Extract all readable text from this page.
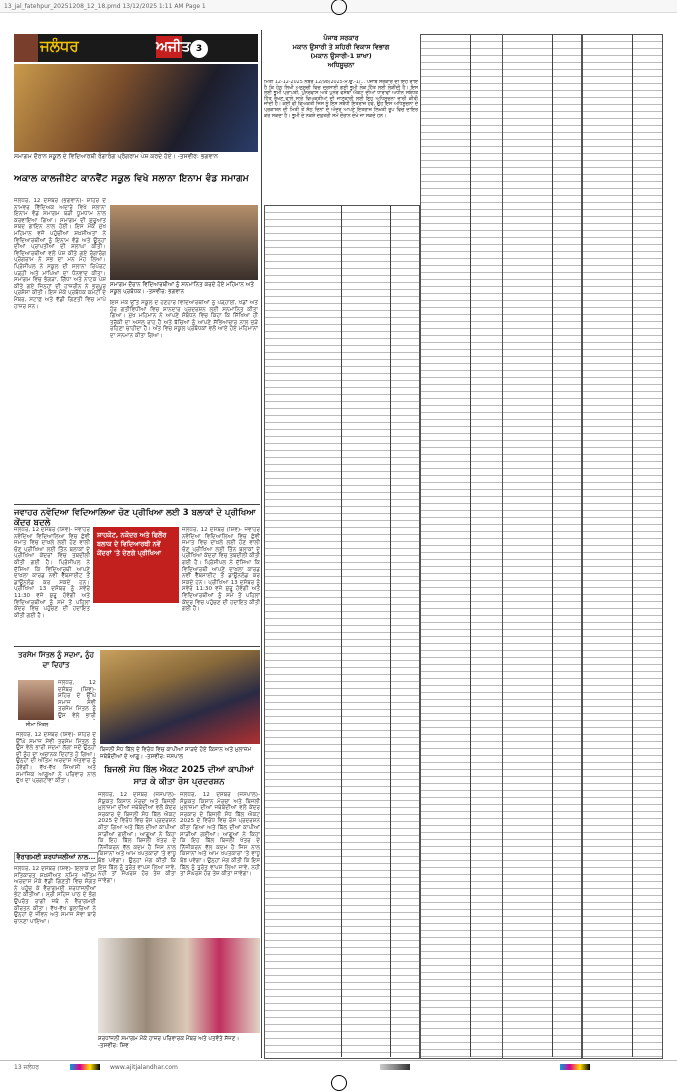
13_jal_fatehpur_20251208_12_18.pmd 13/12/2025 1:11 AM Page 1
ਜਲੰਧਰ	ਅਜੀਤ 3
ਸਮਾਗਮ ਦੌਰਾਨ ਸਕੂਲ ਦੇ ਵਿਦਿਆਰਥੀ ਰੰਗਾਰੰਗ ਪ੍ਰੋਗਰਾਮ ਪੇਸ਼ ਕਰਦੇ ਹੋਏ। -ਤਸਵੀਰ: ਭਗਵਾਨ
ਅਕਾਲ ਕਾਲਜੀਏਟ ਕਾਨਵੈਂਟ ਸਕੂਲ ਵਿਖੇ ਸਲਾਨਾ ਇਨਾਮ ਵੰਡ ਸਮਾਗਮ
ਜਲੰਧਰ, 12 ਦਸੰਬਰ (ਭਗਵਾਨ)- ਸ਼ਹਿਰ ਦੇ ਨਾਮਵਰ ਵਿੱਦਿਅਕ ਅਦਾਰੇ ਵਿਖੇ ਸਲਾਨਾ ਇਨਾਮ ਵੰਡ ਸਮਾਗਮ ਬੜੀ ਧੂਮਧਾਮ ਨਾਲ ਕਰਵਾਇਆ ਗਿਆ। ਸਮਾਗਮ ਦੀ ਸ਼ੁਰੂਆਤ ਸ਼ਬਦ ਗਾਇਨ ਨਾਲ ਹੋਈ। ਇਸ ਮੌਕੇ ਮੁੱਖ ਮਹਿਮਾਨ ਵਜੋਂ ਪਹੁੰਚੀਆਂ ਸ਼ਖ਼ਸੀਅਤਾਂ ਨੇ ਵਿਦਿਆਰਥੀਆਂ ਨੂੰ ਇਨਾਮ ਵੰਡੇ ਅਤੇ ਉਨ੍ਹਾਂ ਦੀਆਂ ਪ੍ਰਾਪਤੀਆਂ ਦੀ ਸ਼ਲਾਘਾ ਕੀਤੀ। ਵਿਦਿਆਰਥੀਆਂ ਵਲੋਂ ਪੇਸ਼ ਕੀਤੇ ਗਏ ਰੰਗਾਰੰਗ ਪ੍ਰੋਗਰਾਮ ਨੇ ਸਭ ਦਾ ਮਨ ਮੋਹ ਲਿਆ। ਪ੍ਰਿੰਸੀਪਲ ਨੇ ਸਕੂਲ ਦੀ ਸਲਾਨਾ ਰਿਪੋਰਟ ਪੜ੍ਹੀ ਅਤੇ ਮਾਪਿਆਂ ਦਾ ਧੰਨਵਾਦ ਕੀਤਾ। ਸਮਾਗਮ ਵਿਚ ਭੰਗੜਾ, ਗਿੱਧਾ ਅਤੇ ਨਾਟਕ ਪੇਸ਼ ਕੀਤੇ ਗਏ ਜਿਨ੍ਹਾਂ ਦੀ ਹਾਜ਼ਰੀਨ ਨੇ ਭਰਪੂਰ ਪ੍ਰਸ਼ੰਸਾ ਕੀਤੀ। ਇਸ ਮੌਕੇ ਪ੍ਰਬੰਧਕ ਕਮੇਟੀ ਦੇ ਮੈਂਬਰ, ਸਟਾਫ਼ ਅਤੇ ਵੱਡੀ ਗਿਣਤੀ ਵਿਚ ਮਾਪੇ ਹਾਜ਼ਰ ਸਨ।
ਸਮਾਗਮ ਦੌਰਾਨ ਵਿਦਿਆਰਥੀਆਂ ਨੂੰ ਸਨਮਾਨਿਤ ਕਰਦੇ ਹੋਏ ਮਹਿਮਾਨ ਅਤੇ ਸਕੂਲ ਪ੍ਰਬੰਧਕ। -ਤਸਵੀਰ: ਭਗਵਾਨ
ਇਸ ਮੌਕੇ ਉੱਤੇ ਸਕੂਲ ਦੇ ਹੋਣਹਾਰ ਵਿਦਿਆਰਥੀਆਂ ਨੂੰ ਪੜ੍ਹਾਈ, ਖੇਡਾਂ ਅਤੇ ਹੋਰ ਗਤੀਵਿਧੀਆਂ ਵਿਚ ਸ਼ਾਨਦਾਰ ਪ੍ਰਦਰਸ਼ਨ ਲਈ ਸਨਮਾਨਿਤ ਕੀਤਾ ਗਿਆ। ਮੁੱਖ ਮਹਿਮਾਨ ਨੇ ਆਪਣੇ ਸੰਬੋਧਨ ਵਿਚ ਕਿਹਾ ਕਿ ਸਿੱਖਿਆ ਹੀ ਤਰੱਕੀ ਦਾ ਅਸਲ ਰਾਹ ਹੈ ਅਤੇ ਬੱਚਿਆਂ ਨੂੰ ਆਪਣੇ ਸੱਭਿਆਚਾਰ ਨਾਲ ਜੁੜੇ ਰਹਿਣਾ ਚਾਹੀਦਾ ਹੈ। ਅੰਤ ਵਿਚ ਸਕੂਲ ਪ੍ਰਬੰਧਕਾਂ ਵਲੋਂ ਆਏ ਹੋਏ ਮਹਿਮਾਨਾਂ ਦਾ ਸਨਮਾਨ ਕੀਤਾ ਗਿਆ।
ਜਵਾਹਰ ਨਵੋਦਿਆ ਵਿਦਿਆਲਿਆ ਚੋਣ ਪ੍ਰੀਖਿਆ ਲਈ 3 ਬਲਾਕਾਂ ਦੇ ਪ੍ਰੀਖਿਆ ਕੇਂਦਰ ਬਦਲੇ
ਜਲੰਧਰ, 12 ਦਸੰਬਰ (ਸ਼ਿਵ)- ਜਵਾਹਰ ਨਵੋਦਿਆ ਵਿਦਿਆਲਿਆ ਵਿਚ ਛੇਵੀਂ ਜਮਾਤ ਵਿਚ ਦਾਖ਼ਲੇ ਲਈ ਹੋਣ ਵਾਲੀ ਚੋਣ ਪ੍ਰੀਖਿਆ ਲਈ ਤਿੰਨ ਬਲਾਕਾਂ ਦੇ ਪ੍ਰੀਖਿਆ ਕੇਂਦਰਾਂ ਵਿਚ ਤਬਦੀਲੀ ਕੀਤੀ ਗਈ ਹੈ। ਪ੍ਰਿੰਸੀਪਲ ਨੇ ਦੱਸਿਆ ਕਿ ਵਿਦਿਆਰਥੀ ਆਪਣੇ ਦਾਖ਼ਲਾ ਕਾਰਡ ਨਵੀਂ ਵੈੱਬਸਾਈਟ ਤੋਂ ਡਾਊਨਲੋਡ ਕਰ ਸਕਦੇ ਹਨ। ਪ੍ਰੀਖਿਆ 13 ਦਸੰਬਰ ਨੂੰ ਸਵੇਰੇ 11:30 ਵਜੇ ਸ਼ੁਰੂ ਹੋਵੇਗੀ ਅਤੇ ਵਿਦਿਆਰਥੀਆਂ ਨੂੰ ਸਮੇਂ ਤੋਂ ਪਹਿਲਾਂ ਕੇਂਦਰ ਵਿਚ ਪਹੁੰਚਣ ਦੀ ਹਦਾਇਤ ਕੀਤੀ ਗਈ ਹੈ।
ਸ਼ਾਹਕੋਟ, ਨਕੋਦਰ ਅਤੇ ਫਿਲੌਰ ਬਲਾਕ ਦੇ ਵਿਦਿਆਰਥੀ ਨਵੇਂ ਕੇਂਦਰਾਂ 'ਤੇ ਦੇਣਗੇ ਪ੍ਰੀਖਿਆ
ਜਲੰਧਰ, 12 ਦਸੰਬਰ (ਸ਼ਿਵ)- ਜਵਾਹਰ ਨਵੋਦਿਆ ਵਿਦਿਆਲਿਆ ਵਿਚ ਛੇਵੀਂ ਜਮਾਤ ਵਿਚ ਦਾਖ਼ਲੇ ਲਈ ਹੋਣ ਵਾਲੀ ਚੋਣ ਪ੍ਰੀਖਿਆ ਲਈ ਤਿੰਨ ਬਲਾਕਾਂ ਦੇ ਪ੍ਰੀਖਿਆ ਕੇਂਦਰਾਂ ਵਿਚ ਤਬਦੀਲੀ ਕੀਤੀ ਗਈ ਹੈ। ਪ੍ਰਿੰਸੀਪਲ ਨੇ ਦੱਸਿਆ ਕਿ ਵਿਦਿਆਰਥੀ ਆਪਣੇ ਦਾਖ਼ਲਾ ਕਾਰਡ ਨਵੀਂ ਵੈੱਬਸਾਈਟ ਤੋਂ ਡਾਊਨਲੋਡ ਕਰ ਸਕਦੇ ਹਨ। ਪ੍ਰੀਖਿਆ 13 ਦਸੰਬਰ ਨੂੰ ਸਵੇਰੇ 11:30 ਵਜੇ ਸ਼ੁਰੂ ਹੋਵੇਗੀ ਅਤੇ ਵਿਦਿਆਰਥੀਆਂ ਨੂੰ ਸਮੇਂ ਤੋਂ ਪਹਿਲਾਂ ਕੇਂਦਰ ਵਿਚ ਪਹੁੰਚਣ ਦੀ ਹਦਾਇਤ ਕੀਤੀ ਗਈ ਹੈ।
ਤਰਸੇਮ ਮਿੱਤਲ ਨੂੰ ਸਦਮਾ, ਨੂੰਹ ਦਾ ਦਿਹਾਂਤ
ਸੀਮਾ ਮਿੱਤਲ
ਜਲੰਧਰ, 12 ਦਸੰਬਰ (ਸ਼ਿਵ)- ਸ਼ਹਿਰ ਦੇ ਉੱਘੇ ਸਮਾਜ ਸੇਵੀ ਤਰਸੇਮ ਮਿੱਤਲ ਨੂੰ ਉਸ ਵੇਲੇ ਭਾਰੀ
ਜਲੰਧਰ, 12 ਦਸੰਬਰ (ਸ਼ਿਵ)- ਸ਼ਹਿਰ ਦੇ ਉੱਘੇ ਸਮਾਜ ਸੇਵੀ ਤਰਸੇਮ ਮਿੱਤਲ ਨੂੰ ਉਸ ਵੇਲੇ ਭਾਰੀ ਸਦਮਾ ਲੱਗਾ ਜਦੋਂ ਉਨ੍ਹਾਂ ਦੀ ਨੂੰਹ ਦਾ ਅਚਾਨਕ ਦਿਹਾਂਤ ਹੋ ਗਿਆ। ਉਨ੍ਹਾਂ ਦੀ ਅੰਤਿਮ ਅਰਦਾਸ ਐਤਵਾਰ ਨੂੰ ਹੋਵੇਗੀ। ਵੱਖ-ਵੱਖ ਸਿਆਸੀ ਅਤੇ ਸਮਾਜਿਕ ਆਗੂਆਂ ਨੇ ਪਰਿਵਾਰ ਨਾਲ ਦੁੱਖ ਦਾ ਪ੍ਰਗਟਾਵਾ ਕੀਤਾ।
ਬਿਜਲੀ ਸੋਧ ਬਿੱਲ ਦੇ ਵਿਰੋਧ ਵਿਚ ਕਾਪੀਆਂ ਸਾੜਦੇ ਹੋਏ ਕਿਸਾਨ ਅਤੇ ਮੁਲਾਜ਼ਮ ਜਥੇਬੰਦੀਆਂ ਦੇ ਆਗੂ। -ਤਸਵੀਰ: ਜਸਪਾਲ
ਬਿਜਲੀ ਸੋਧ ਬਿੱਲ ਐਕਟ 2025 ਦੀਆਂ ਕਾਪੀਆਂ ਸਾੜ ਕੇ ਕੀਤਾ ਰੋਸ ਪ੍ਰਦਰਸ਼ਨ
ਜਲੰਧਰ, 12 ਦਸੰਬਰ (ਜਸਪਾਲ)- ਸੰਯੁਕਤ ਕਿਸਾਨ ਮੋਰਚਾ ਅਤੇ ਬਿਜਲੀ ਮੁਲਾਜ਼ਮਾਂ ਦੀਆਂ ਜਥੇਬੰਦੀਆਂ ਵਲੋਂ ਕੇਂਦਰ ਸਰਕਾਰ ਦੇ ਬਿਜਲੀ ਸੋਧ ਬਿੱਲ ਐਕਟ 2025 ਦੇ ਵਿਰੋਧ ਵਿਚ ਰੋਸ ਪ੍ਰਦਰਸ਼ਨ ਕੀਤਾ ਗਿਆ ਅਤੇ ਬਿੱਲ ਦੀਆਂ ਕਾਪੀਆਂ ਸਾੜੀਆਂ ਗਈਆਂ। ਆਗੂਆਂ ਨੇ ਕਿਹਾ ਕਿ ਇਹ ਬਿੱਲ ਬਿਜਲੀ ਖੇਤਰ ਦੇ ਨਿੱਜੀਕਰਨ ਵੱਲ ਕਦਮ ਹੈ ਜਿਸ ਨਾਲ ਕਿਸਾਨਾਂ ਅਤੇ ਆਮ ਖਪਤਕਾਰਾਂ 'ਤੇ ਵਾਧੂ ਬੋਝ ਪਵੇਗਾ। ਉਨ੍ਹਾਂ ਮੰਗ ਕੀਤੀ ਕਿ ਇਸ ਬਿੱਲ ਨੂੰ ਤੁਰੰਤ ਵਾਪਸ ਲਿਆ ਜਾਵੇ, ਨਹੀਂ ਤਾਂ ਸੰਘਰਸ਼ ਹੋਰ ਤੇਜ਼ ਕੀਤਾ ਜਾਵੇਗਾ।
ਜਲੰਧਰ, 12 ਦਸੰਬਰ (ਜਸਪਾਲ)- ਸੰਯੁਕਤ ਕਿਸਾਨ ਮੋਰਚਾ ਅਤੇ ਬਿਜਲੀ ਮੁਲਾਜ਼ਮਾਂ ਦੀਆਂ ਜਥੇਬੰਦੀਆਂ ਵਲੋਂ ਕੇਂਦਰ ਸਰਕਾਰ ਦੇ ਬਿਜਲੀ ਸੋਧ ਬਿੱਲ ਐਕਟ 2025 ਦੇ ਵਿਰੋਧ ਵਿਚ ਰੋਸ ਪ੍ਰਦਰਸ਼ਨ ਕੀਤਾ ਗਿਆ ਅਤੇ ਬਿੱਲ ਦੀਆਂ ਕਾਪੀਆਂ ਸਾੜੀਆਂ ਗਈਆਂ। ਆਗੂਆਂ ਨੇ ਕਿਹਾ ਕਿ ਇਹ ਬਿੱਲ ਬਿਜਲੀ ਖੇਤਰ ਦੇ ਨਿੱਜੀਕਰਨ ਵੱਲ ਕਦਮ ਹੈ ਜਿਸ ਨਾਲ ਕਿਸਾਨਾਂ ਅਤੇ ਆਮ ਖਪਤਕਾਰਾਂ 'ਤੇ ਵਾਧੂ ਬੋਝ ਪਵੇਗਾ। ਉਨ੍ਹਾਂ ਮੰਗ ਕੀਤੀ ਕਿ ਇਸ ਬਿੱਲ ਨੂੰ ਤੁਰੰਤ ਵਾਪਸ ਲਿਆ ਜਾਵੇ, ਨਹੀਂ ਤਾਂ ਸੰਘਰਸ਼ ਹੋਰ ਤੇਜ਼ ਕੀਤਾ ਜਾਵੇਗਾ।
ਵੈਰਾਗਮਈ ਸ਼ਰਧਾਂਜਲੀਆਂ ਨਾਲ...
ਜਲੰਧਰ, 12 ਦਸੰਬਰ (ਸ਼ਿਵ)- ਇਲਾਕੇ ਦੀ ਸਤਿਕਾਰਤ ਸ਼ਖ਼ਸੀਅਤ ਨਮਿਤ ਅੰਤਿਮ ਅਰਦਾਸ ਮੌਕੇ ਵੱਡੀ ਗਿਣਤੀ ਵਿਚ ਸੰਗਤ ਨੇ ਪਹੁੰਚ ਕੇ ਵੈਰਾਗਮਈ ਸ਼ਰਧਾਂਜਲੀਆਂ ਭੇਟ ਕੀਤੀਆਂ। ਸ੍ਰੀ ਸਹਿਜ ਪਾਠ ਦੇ ਭੋਗ ਉਪਰੰਤ ਰਾਗੀ ਜਥੇ ਨੇ ਵੈਰਾਗਮਈ ਕੀਰਤਨ ਕੀਤਾ। ਵੱਖ-ਵੱਖ ਬੁਲਾਰਿਆਂ ਨੇ ਉਨ੍ਹਾਂ ਦੇ ਜੀਵਨ ਅਤੇ ਸਮਾਜ ਸੇਵਾ ਬਾਰੇ ਚਾਨਣਾ ਪਾਇਆ।
ਸ਼ਰਧਾਂਜਲੀ ਸਮਾਗਮ ਮੌਕੇ ਹਾਜ਼ਰ ਪਰਿਵਾਰਕ ਮੈਂਬਰ ਅਤੇ ਪਤਵੰਤੇ ਸੱਜਣ। -ਤਸਵੀਰ: ਸ਼ਿਵ
ਪੰਜਾਬ ਸਰਕਾਰ
ਮਕਾਨ ਉਸਾਰੀ ਤੇ ਸ਼ਹਿਰੀ ਵਿਕਾਸ ਵਿਭਾਗ
(ਮਕਾਨ ਉਸਾਰੀ-1 ਸ਼ਾਖਾ)
ਅਧਿਸੂਚਨਾ
ਮਿਤੀ 12-12-2025 ਨੰਬਰ 12/98/2025-ਮ.ਉ.-1/... ਪੰਜਾਬ ਸਰਕਾਰ ਦੀ ਇਹ ਰਾਇ ਹੈ ਕਿ ਹੇਠ ਲਿਖੀ ਅਨੁਸੂਚੀ ਵਿਚ ਦਰਸਾਈ ਗਈ ਭੂਮੀ ਲੋਕ ਹਿੱਤ ਲਈ ਲੋੜੀਂਦੀ ਹੈ। ਇਸ ਲਈ ਭੂਮੀ ਪ੍ਰਾਪਤੀ, ਪੁਨਰਵਾਸ ਅਤੇ ਪੁਨਰ ਵਸੇਬਾ ਐਕਟ ਦੀਆਂ ਧਾਰਾਵਾਂ ਅਧੀਨ ਸਬੰਧਤ ਹਿੱਤ ਰੱਖਣ ਵਾਲੇ ਸਾਰੇ ਵਿਅਕਤੀਆਂ ਦੀ ਜਾਣਕਾਰੀ ਲਈ ਇਹ ਅਧਿਸੂਚਨਾ ਜਾਰੀ ਕੀਤੀ ਜਾਂਦੀ ਹੈ। ਕੋਈ ਵੀ ਵਿਅਕਤੀ ਜਿਸ ਨੂੰ ਇਸ ਸਬੰਧੀ ਇਤਰਾਜ਼ ਹੋਵੇ, ਉਹ ਇਸ ਅਧਿਸੂਚਨਾ ਦੇ ਪ੍ਰਕਾਸ਼ਨ ਦੀ ਮਿਤੀ ਤੋਂ ਸੱਠ ਦਿਨਾਂ ਦੇ ਅੰਦਰ ਆਪਣੇ ਇਤਰਾਜ਼ ਲਿਖਤੀ ਰੂਪ ਵਿਚ ਦਾਇਰ ਕਰ ਸਕਦਾ ਹੈ। ਭੂਮੀ ਦੇ ਨਕਸ਼ੇ ਦਫ਼ਤਰੀ ਸਮੇਂ ਦੌਰਾਨ ਦੇਖੇ ਜਾ ਸਕਦੇ ਹਨ।
13 ਜਲੰਧਰ	www.ajitjalandhar.com
